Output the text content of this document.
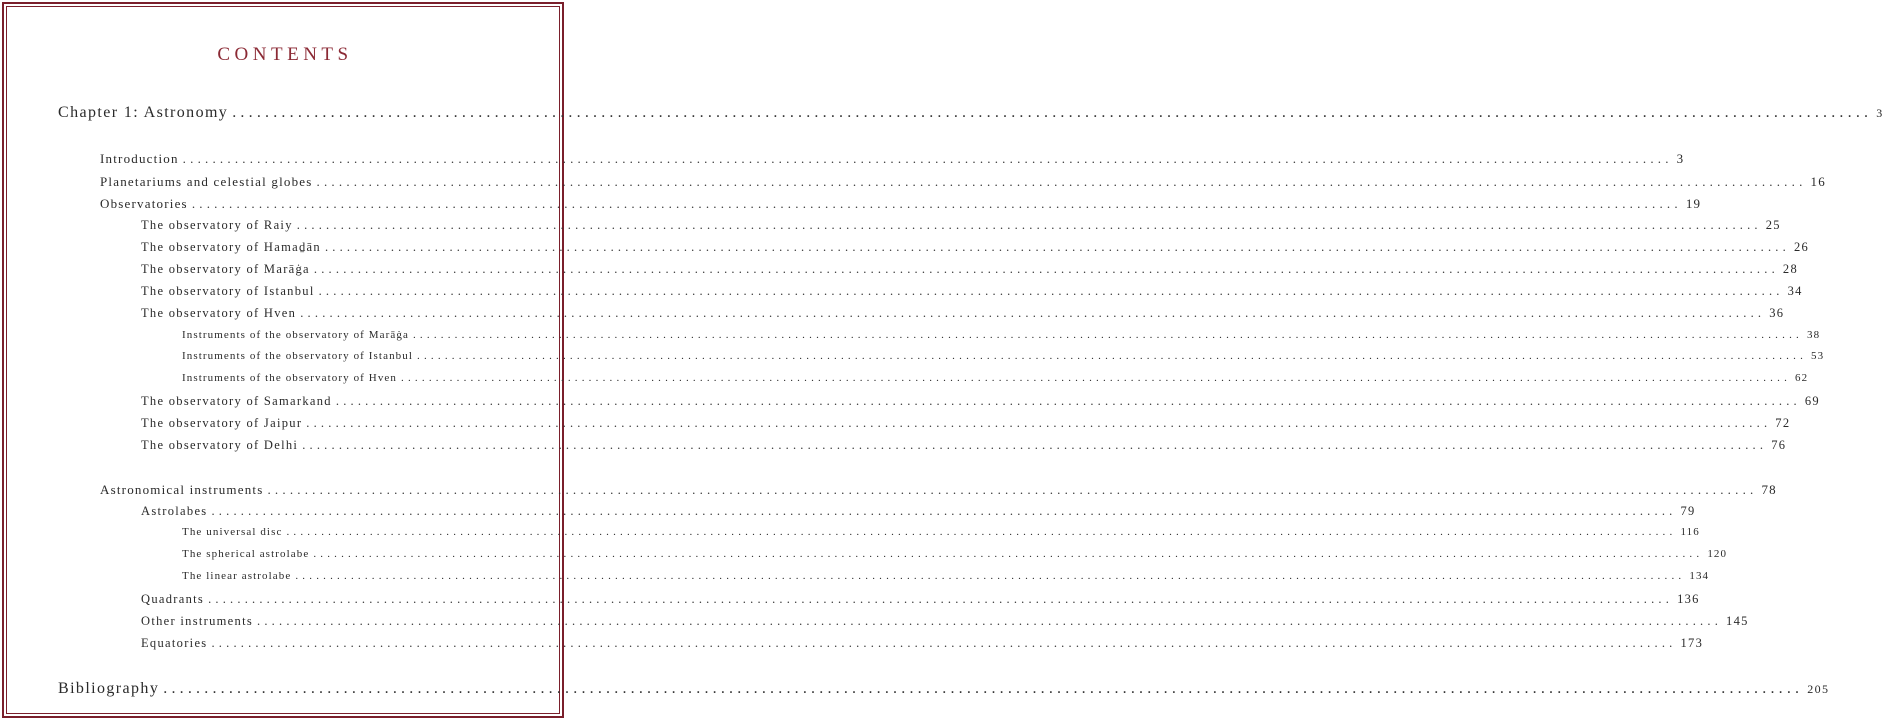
CONTENTS
Chapter 1: Astronomy ........................................................................................................................................................................................................ 3
Introduction ........................................................................................................................................................................................................ 3
Planetariums and celestial globes ........................................................................................................................................................................................................ 16
Observatories ........................................................................................................................................................................................................ 19
The observatory of Raiy ........................................................................................................................................................................................................ 25
The observatory of Hamaḏān ........................................................................................................................................................................................................ 26
The observatory of Marāġa ........................................................................................................................................................................................................ 28
The observatory of Istanbul ........................................................................................................................................................................................................ 34
The observatory of Hven ........................................................................................................................................................................................................ 36
Instruments of the observatory of Marāġa ........................................................................................................................................................................................................ 38
Instruments of the observatory of Istanbul ........................................................................................................................................................................................................ 53
Instruments of the observatory of Hven ........................................................................................................................................................................................................ 62
The observatory of Samarkand ........................................................................................................................................................................................................ 69
The observatory of Jaipur ........................................................................................................................................................................................................ 72
The observatory of Delhi ........................................................................................................................................................................................................ 76
Astronomical instruments ........................................................................................................................................................................................................ 78
Astrolabes ........................................................................................................................................................................................................ 79
The universal disc ........................................................................................................................................................................................................ 116
The spherical astrolabe ........................................................................................................................................................................................................ 120
The linear astrolabe ........................................................................................................................................................................................................ 134
Quadrants ........................................................................................................................................................................................................ 136
Other instruments ........................................................................................................................................................................................................ 145
Equatories ........................................................................................................................................................................................................ 173
Bibliography ........................................................................................................................................................................................................ 205
